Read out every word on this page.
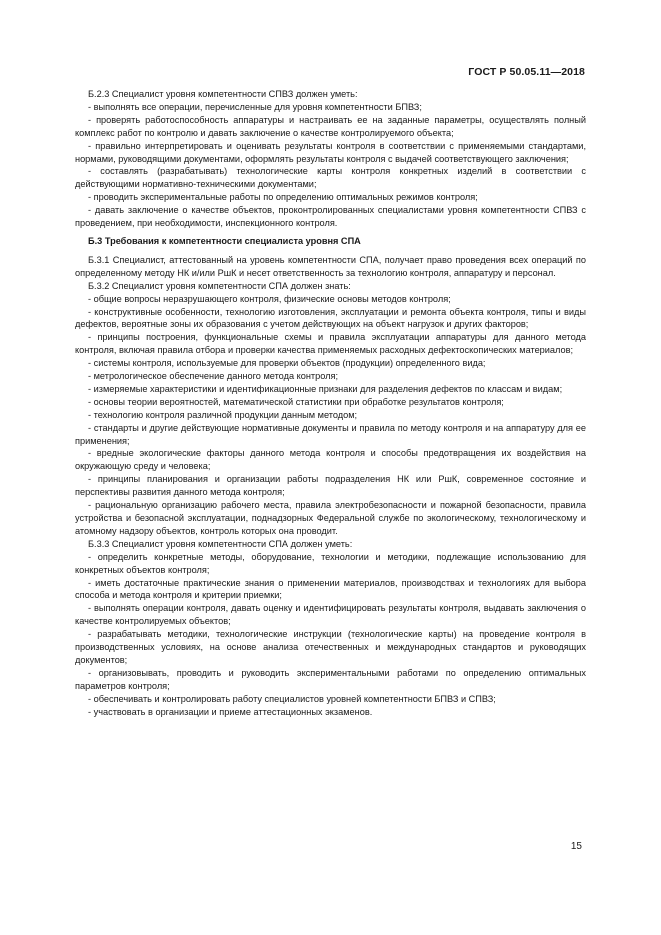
ГОСТ Р 50.05.11—2018

Б.2.3 Специалист уровня компетентности СПВЗ должен уметь:

- выполнять все операции, перечисленные для уровня компетентности БПВЗ;

- проверять работоспособность аппаратуры и настраивать ее на заданные параметры, осуществлять полный комплекс работ по контролю и давать заключение о качестве контролируемого объекта;

- правильно интерпретировать и оценивать результаты контроля в соответствии с применяемыми стандартами, нормами, руководящими документами, оформлять результаты контроля с выдачей соответствующего заключения;

- составлять (разрабатывать) технологические карты контроля конкретных изделий в соответствии с действующими нормативно-техническими документами;

- проводить экспериментальные работы по определению оптимальных режимов контроля;

- давать заключение о качестве объектов, проконтролированных специалистами уровня компетентности СПВЗ с проведением, при необходимости, инспекционного контроля.

Б.3 Требования к компетентности специалиста уровня СПА

Б.3.1 Специалист, аттестованный на уровень компетентности СПА, получает право проведения всех операций по определенному методу НК и/или РшК и несет ответственность за технологию контроля, аппаратуру и персонал.

Б.3.2 Специалист уровня компетентности СПА должен знать:

- общие вопросы неразрушающего контроля, физические основы методов контроля;

- конструктивные особенности, технологию изготовления, эксплуатации и ремонта объекта контроля, типы и виды дефектов, вероятные зоны их образования с учетом действующих на объект нагрузок и других факторов;

- принципы построения, функциональные схемы и правила эксплуатации аппаратуры для данного метода контроля, включая правила отбора и проверки качества применяемых расходных дефектоскопических материалов;

- системы контроля, используемые для проверки объектов (продукции) определенного вида;

- метрологическое обеспечение данного метода контроля;

- измеряемые характеристики и идентификационные признаки для разделения дефектов по классам и видам;

- основы теории вероятностей, математической статистики при обработке результатов контроля;

- технологию контроля различной продукции данным методом;

- стандарты и другие действующие нормативные документы и правила по методу контроля и на аппаратуру для ее применения;

- вредные экологические факторы данного метода контроля и способы предотвращения их воздействия на окружающую среду и человека;

- принципы планирования и организации работы подразделения НК или РшК, современное состояние и перспективы развития данного метода контроля;

- рациональную организацию рабочего места, правила электробезопасности и пожарной безопасности, правила устройства и безопасной эксплуатации, поднадзорных Федеральной службе по экологическому, технологическому и атомному надзору объектов, контроль которых она проводит.

Б.3.3 Специалист уровня компетентности СПА должен уметь:

- определить конкретные методы, оборудование, технологии и методики, подлежащие использованию для конкретных объектов контроля;

- иметь достаточные практические знания о применении материалов, производствах и технологиях для выбора способа и метода контроля и критерии приемки;

- выполнять операции контроля, давать оценку и идентифицировать результаты контроля, выдавать заключения о качестве контролируемых объектов;

- разрабатывать методики, технологические инструкции (технологические карты) на проведение контроля в производственных условиях, на основе анализа отечественных и международных стандартов и руководящих документов;

- организовывать, проводить и руководить экспериментальными работами по определению оптимальных параметров контроля;

- обеспечивать и контролировать работу специалистов уровней компетентности БПВЗ и СПВЗ;

- участвовать в организации и приеме аттестационных экзаменов.

15
